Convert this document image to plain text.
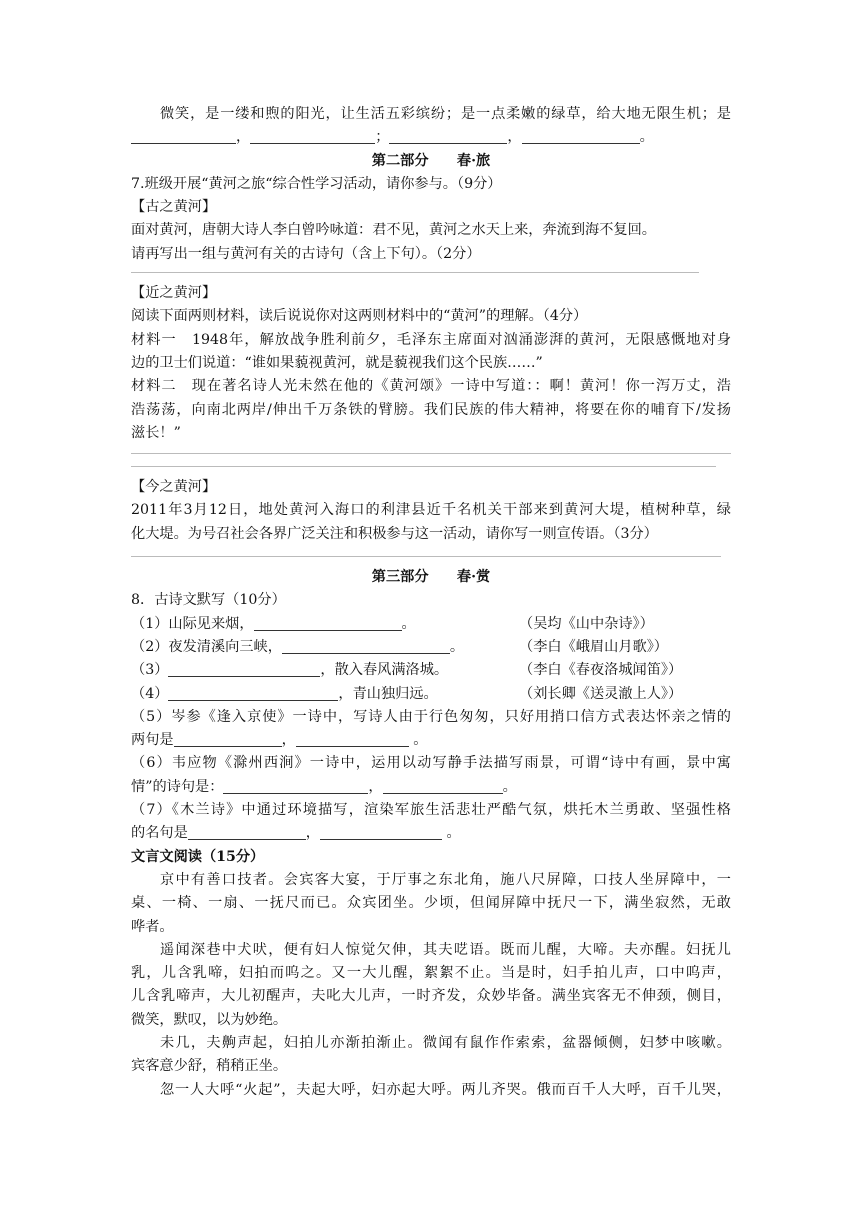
微笑，是一缕和煦的阳光，让生活五彩缤纷；是一点柔嫩的绿草，给大地无限生机；是
，	；	，	。
第二部分　　春·旅
7.班级开展“黄河之旅“综合性学习活动，请你参与。（9分）
【古之黄河】
面对黄河，唐朝大诗人李白曾吟咏道：君不见，黄河之水天上来，奔流到海不复回。
请再写出一组与黄河有关的古诗句（含上下句）。（2分）
【近之黄河】
阅读下面两则材料，读后说说你对这两则材料中的“黄河”的理解。（4分）
材料一　1948年，解放战争胜利前夕，毛泽东主席面对汹涌澎湃的黄河，无限感慨地对身
边的卫士们说道：“谁如果藐视黄河，就是藐视我们这个民族……”
材料二　现在著名诗人光未然在他的《黄河颂》一诗中写道：：啊！黄河！你一泻万丈，浩
浩荡荡，向南北两岸/伸出千万条铁的臂膀。我们民族的伟大精神，将要在你的哺育下/发扬
滋长！”
【今之黄河】
2011年3月12日，地处黄河入海口的利津县近千名机关干部来到黄河大堤，植树种草，绿
化大堤。为号召社会各界广泛关注和积极参与这一活动，请你写一则宣传语。（3分）
第三部分　　春·赏
8．古诗文默写（10分）
（1）山际见来烟，	。	（吴均《山中杂诗》）
（2）夜发清溪向三峡，	。	（李白《峨眉山月歌》）
（3）	，散入春风满洛城。	（李白《春夜洛城闻笛》）
（4）	，青山独归远。	（刘长卿《送灵澈上人》）
（5）岑参《逢入京使》一诗中，写诗人由于行色匆匆，只好用捎口信方式表达怀亲之情的
两句是	，	。
（6）韦应物《滁州西涧》一诗中，运用以动写静手法描写雨景，可谓“诗中有画，景中寓
情”的诗句是：	，	。
（7）《木兰诗》中通过环境描写，渲染军旅生活悲壮严酷气氛，烘托木兰勇敢、坚强性格
的名句是	，	。
文言文阅读（15分）
京中有善口技者。会宾客大宴，于厅事之东北角，施八尺屏障，口技人坐屏障中，一
桌、一椅、一扇、一抚尺而已。众宾团坐。少顷，但闻屏障中抚尺一下，满坐寂然，无敢
哗者。
遥闻深巷中犬吠，便有妇人惊觉欠伸，其夫呓语。既而儿醒，大啼。夫亦醒。妇抚儿
乳，儿含乳啼，妇拍而呜之。又一大儿醒，絮絮不止。当是时，妇手拍儿声，口中呜声，
儿含乳啼声，大儿初醒声，夫叱大儿声，一时齐发，众妙毕备。满坐宾客无不伸颈，侧目，
微笑，默叹，以为妙绝。
未几，夫齁声起，妇拍儿亦渐拍渐止。微闻有鼠作作索索，盆器倾侧，妇梦中咳嗽。
宾客意少舒，稍稍正坐。
忽一人大呼“火起”，夫起大呼，妇亦起大呼。两儿齐哭。俄而百千人大呼，百千儿哭，
